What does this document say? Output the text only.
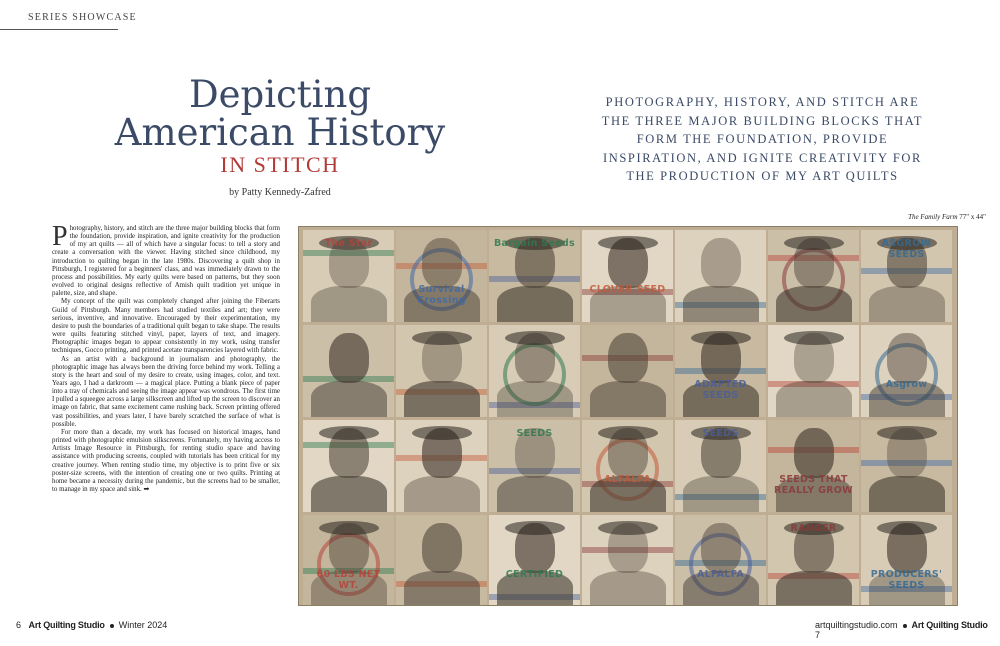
SERIES SHOWCASE
Depicting
American History
IN STITCH
by Patty Kennedy-Zafred
PHOTOGRAPHY, HISTORY, AND STITCH ARE THE THREE MAJOR BUILDING BLOCKS THAT FORM THE FOUNDATION, PROVIDE INSPIRATION, AND IGNITE CREATIVITY FOR THE PRODUCTION OF MY ART QUILTS

Photography, history, and stitch are the three major building blocks that form the foundation, provide inspiration, and ignite creativity for the production of my art quilts — all of which have a singular focus: to tell a story and create a conversation with the viewer. Having stitched since childhood, my introduction to quilting began in the late 1980s. Discovering a quilt shop in Pittsburgh, I registered for a beginners' class, and was immediately drawn to the process and possibilities. My early quilts were based on patterns, but they soon evolved to original designs reflective of Amish quilt tradition yet unique in palette, size, and shape.

My concept of the quilt was completely changed after joining the Fiberarts Guild of Pittsburgh. Many members had studied textiles and art; they were serious, inventive, and innovative. Encouraged by their experimentation, my desire to push the boundaries of a traditional quilt began to take shape. The results were quilts featuring stitched vinyl, paper, layers of text, and imagery. Photographic images began to appear consistently in my work, using transfer techniques, Gocco printing, and printed acetate transparencies layered with fabric.

As an artist with a background in journalism and photography, the photographic image has always been the driving force behind my work. Telling a story is the heart and soul of my desire to create, using images, color, and text. Years ago, I had a darkroom — a magical place. Putting a blank piece of paper into a tray of chemicals and seeing the image appear was wondrous. The first time I pulled a squeegee across a large silkscreen and lifted up the screen to discover an image on fabric, that same excitement came rushing back. Screen printing offered vast possibilities, and years later, I have barely scratched the surface of what is possible.

For more than a decade, my work has focused on historical images, hand printed with photographic emulsion silkscreens. Fortunately, my having access to Artists Image Resource in Pittsburgh, for renting studio space and having assistance with producing screens, coupled with tutorials has been critical for my creative journey. When renting studio time, my objective is to print five or six poster-size screens, with the intention of creating one or two quilts. Printing at home became a necessity during the pandemic, but the screens had to be smaller, to manage in my space and sink. ➡

The Family Farm 77" x 44"
The Star
Survival Crossing
Bargain Seeds
CLOVER SEED
ASGROW SEEDS
ADAPTED SEEDS
Asgrow
SEEDS
ALFALFA
SEEDS
SEEDS THAT REALLY GROW
60 LBS NET WT.
CERTIFIED	ALFALFA
RANGER
PRODUCERS' SEEDS
6 Art Quilting Studio Winter 2024	artquiltingstudio.com Art Quilting Studio   7
